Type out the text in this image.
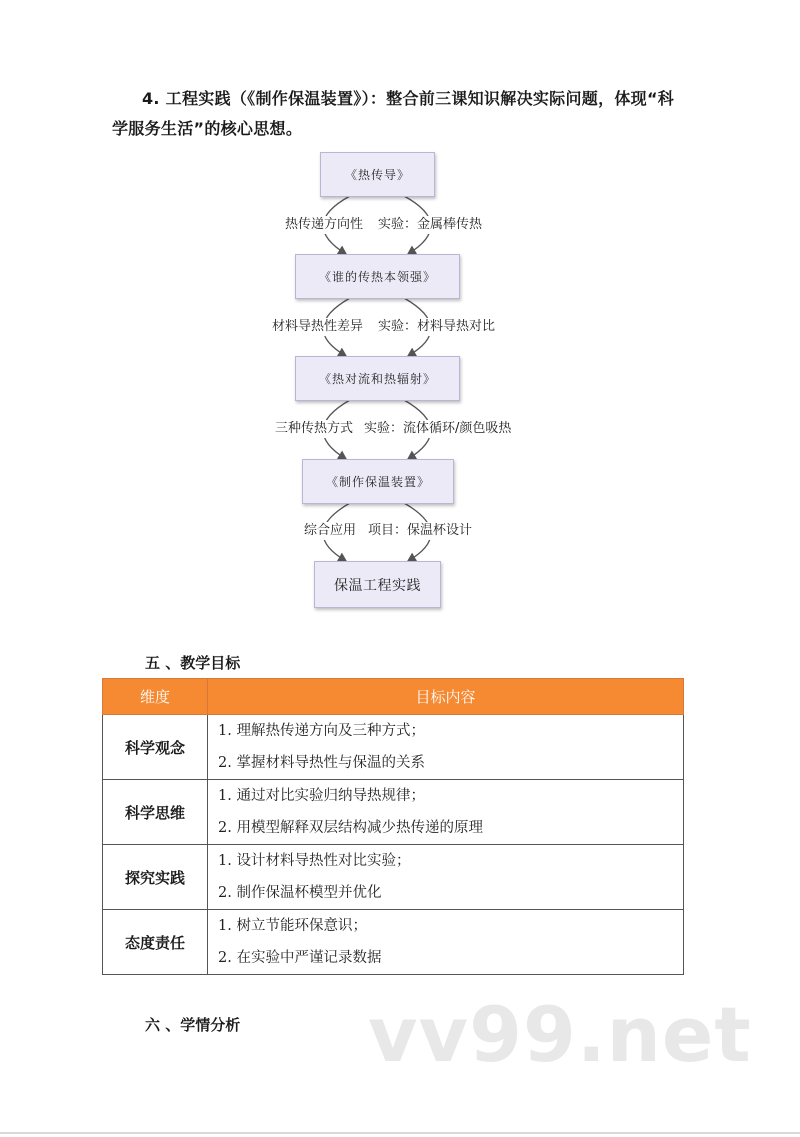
4. 工程实践（《制作保温装置》）：整合前三课知识解决实际问题，体现“科
学服务生活”的核心思想。
《热传导》
《谁的传热本领强》
《热对流和热辐射》
《制作保温装置》
保温工程实践
热传递方向性 实验：金属棒传热
材料导热性差异 实验：材料导热对比
三种传热方式 实验：流体循环/颜色吸热
综合应用 项目：保温杯设计
五 、教学目标
维度	目标内容
科学观念	1. 理解热传递方向及三种方式；
2. 掌握材料导热性与保温的关系

科学思维	1. 通过对比实验归纳导热规律；
2. 用模型解释双层结构减少热传递的原理

探究实践	1. 设计材料导热性对比实验；
2. 制作保温杯模型并优化

态度责任	1. 树立节能环保意识；
2. 在实验中严谨记录数据
六 、学情分析 vv99.net
